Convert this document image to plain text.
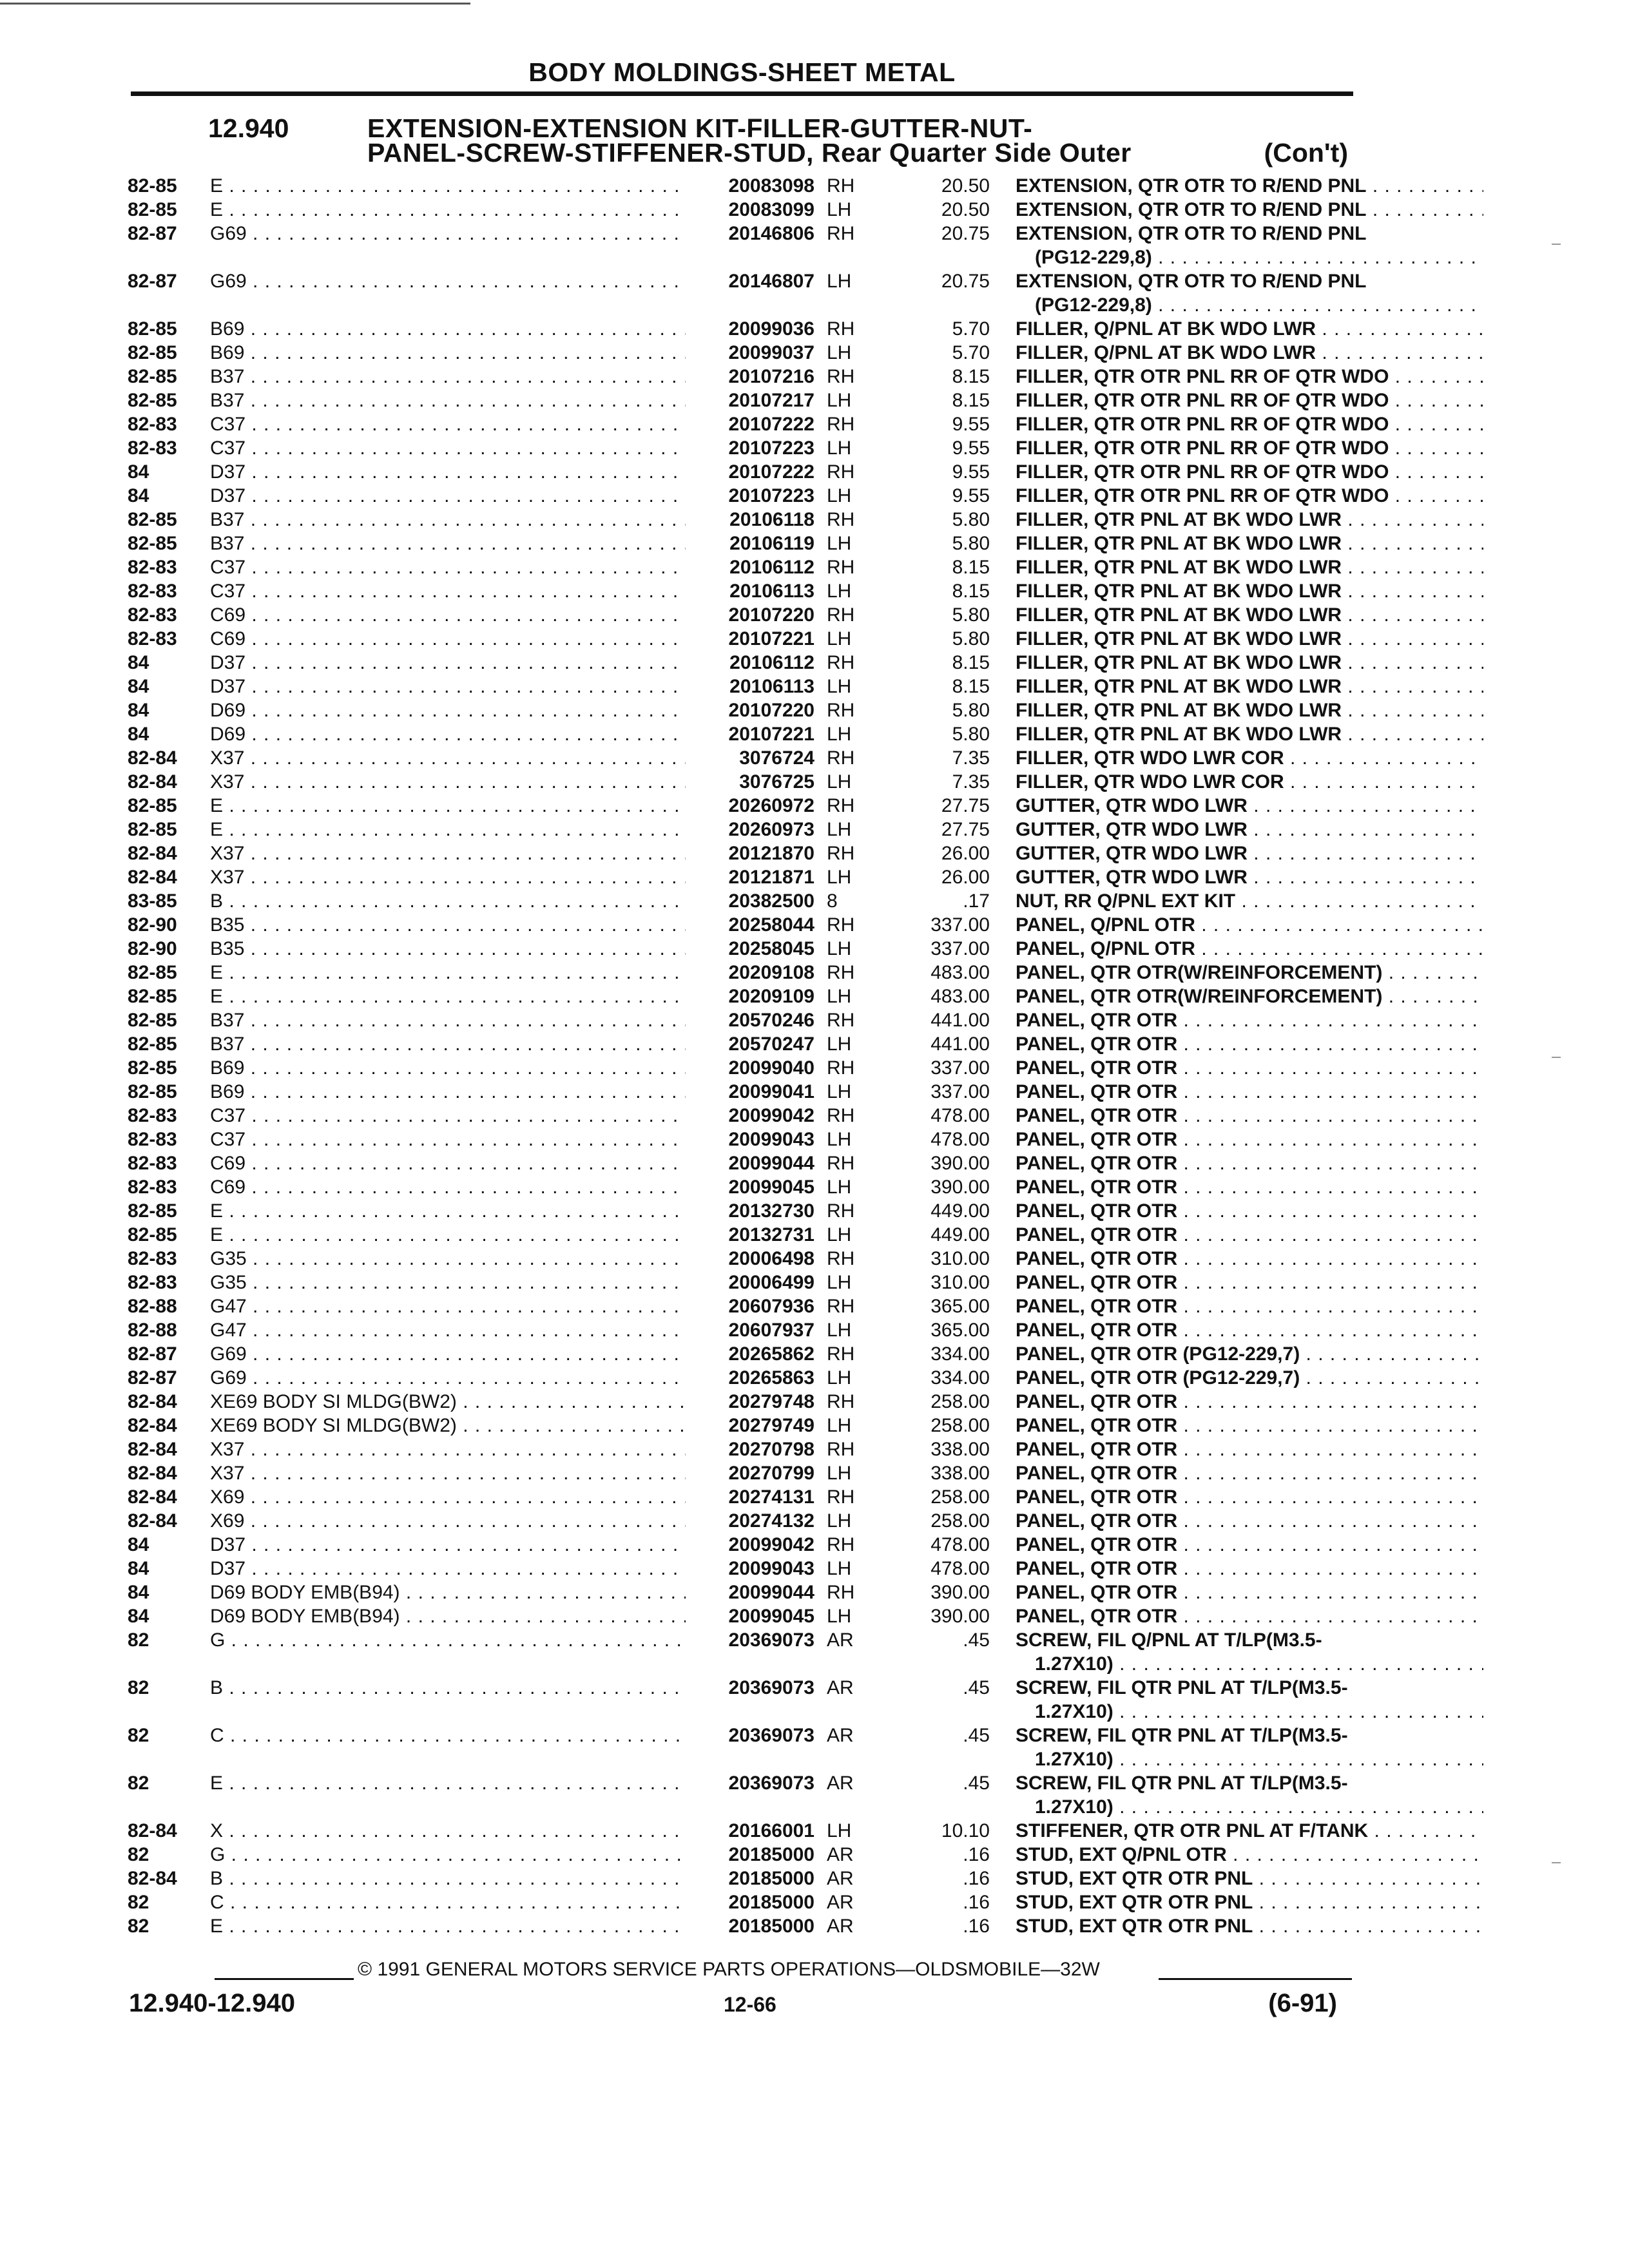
BODY MOLDINGS-SHEET METAL
12.940	EXTENSION-EXTENSION KIT-FILLER-GUTTER-NUT-
PANEL-SCREW-STIFFENER-STUD, Rear Quarter Side Outer	(Con't)
82-85	E . . .	20083098 RH	20.50 EXTENSION, QTR OTR TO R/END PNL . . .
82-85	E . . .	20083099 LH	20.50 EXTENSION, QTR OTR TO R/END PNL . . .
82-87	G69 . . .	20146806 RH	20.75 EXTENSION, QTR OTR TO R/END PNL
(PG12-229,8) . . .
82-87	G69 . . .	20146807 LH	20.75 EXTENSION, QTR OTR TO R/END PNL
(PG12-229,8) . . .
82-85	B69 . . .	20099036 RH	5.70 FILLER, Q/PNL AT BK WDO LWR . . .
82-85	B69 . . .	20099037 LH	5.70 FILLER, Q/PNL AT BK WDO LWR . . .
82-85	B37 . . .	20107216 RH	8.15 FILLER, QTR OTR PNL RR OF QTR WDO . . .
82-85	B37 . . .	20107217 LH	8.15 FILLER, QTR OTR PNL RR OF QTR WDO . . .
82-83	C37 . . .	20107222 RH	9.55 FILLER, QTR OTR PNL RR OF QTR WDO . . .
82-83	C37 . . .	20107223 LH	9.55 FILLER, QTR OTR PNL RR OF QTR WDO . . .
84	D37 . . .	20107222 RH	9.55 FILLER, QTR OTR PNL RR OF QTR WDO . . .
84	D37 . . .	20107223 LH	9.55 FILLER, QTR OTR PNL RR OF QTR WDO . . .
82-85	B37 . . .	20106118 RH	5.80 FILLER, QTR PNL AT BK WDO LWR . . .
82-85	B37 . . .	20106119 LH	5.80 FILLER, QTR PNL AT BK WDO LWR . . .
82-83	C37 . . .	20106112 RH	8.15 FILLER, QTR PNL AT BK WDO LWR . . .
82-83	C37 . . .	20106113 LH	8.15 FILLER, QTR PNL AT BK WDO LWR . . .
82-83	C69 . . .	20107220 RH	5.80 FILLER, QTR PNL AT BK WDO LWR . . .
82-83	C69 . . .	20107221 LH	5.80 FILLER, QTR PNL AT BK WDO LWR . . .
84	D37 . . .	20106112 RH	8.15 FILLER, QTR PNL AT BK WDO LWR . . .
84	D37 . . .	20106113 LH	8.15 FILLER, QTR PNL AT BK WDO LWR . . .
84	D69 . . .	20107220 RH	5.80 FILLER, QTR PNL AT BK WDO LWR . . .
84	D69 . . .	20107221 LH	5.80 FILLER, QTR PNL AT BK WDO LWR . . .
82-84	X37 . . .	3076724 RH	7.35 FILLER, QTR WDO LWR COR . . .
82-84	X37 . . .	3076725 LH	7.35 FILLER, QTR WDO LWR COR . . .
82-85	E . . .	20260972 RH	27.75 GUTTER, QTR WDO LWR . . .
82-85	E . . .	20260973 LH	27.75 GUTTER, QTR WDO LWR . . .
82-84	X37 . . .	20121870 RH	26.00 GUTTER, QTR WDO LWR . . .
82-84	X37 . . .	20121871 LH	26.00 GUTTER, QTR WDO LWR . . .
83-85	B . . .	20382500 8	.17 NUT, RR Q/PNL EXT KIT . . .
82-90	B35 . . .	20258044 RH	337.00 PANEL, Q/PNL OTR . . .
82-90	B35 . . .	20258045 LH	337.00 PANEL, Q/PNL OTR . . .
82-85	E . . .	20209108 RH	483.00 PANEL, QTR OTR(W/REINFORCEMENT) . . .
82-85	E . . .	20209109 LH	483.00 PANEL, QTR OTR(W/REINFORCEMENT) . . .
82-85	B37 . . .	20570246 RH	441.00 PANEL, QTR OTR . . .
82-85	B37 . . .	20570247 LH	441.00 PANEL, QTR OTR . . .
82-85	B69 . . .	20099040 RH	337.00 PANEL, QTR OTR . . .
82-85	B69 . . .	20099041 LH	337.00 PANEL, QTR OTR . . .
82-83	C37 . . .	20099042 RH	478.00 PANEL, QTR OTR . . .
82-83	C37 . . .	20099043 LH	478.00 PANEL, QTR OTR . . .
82-83	C69 . . .	20099044 RH	390.00 PANEL, QTR OTR . . .
82-83	C69 . . .	20099045 LH	390.00 PANEL, QTR OTR . . .
82-85	E . . .	20132730 RH	449.00 PANEL, QTR OTR . . .
82-85	E . . .	20132731 LH	449.00 PANEL, QTR OTR . . .
82-83	G35 . . .	20006498 RH	310.00 PANEL, QTR OTR . . .
82-83	G35 . . .	20006499 LH	310.00 PANEL, QTR OTR . . .
82-88	G47 . . .	20607936 RH	365.00 PANEL, QTR OTR . . .
82-88	G47 . . .	20607937 LH	365.00 PANEL, QTR OTR . . .
82-87	G69 . . .	20265862 RH	334.00 PANEL, QTR OTR (PG12-229,7) . . .
82-87	G69 . . .	20265863 LH	334.00 PANEL, QTR OTR (PG12-229,7) . . .
82-84	XE69 BODY SI MLDG(BW2) . . .	20279748 RH	258.00 PANEL, QTR OTR . . .
82-84	XE69 BODY SI MLDG(BW2) . . .	20279749 LH	258.00 PANEL, QTR OTR . . .
82-84	X37 . . .	20270798 RH	338.00 PANEL, QTR OTR . . .
82-84	X37 . . .	20270799 LH	338.00 PANEL, QTR OTR . . .
82-84	X69 . . .	20274131 RH	258.00 PANEL, QTR OTR . . .
82-84	X69 . . .	20274132 LH	258.00 PANEL, QTR OTR . . .
84	D37 . . .	20099042 RH	478.00 PANEL, QTR OTR . . .
84	D37 . . .	20099043 LH	478.00 PANEL, QTR OTR . . .
84	D69 BODY EMB(B94) . . .	20099044 RH	390.00 PANEL, QTR OTR . . .
84	D69 BODY EMB(B94) . . .	20099045 LH	390.00 PANEL, QTR OTR . . .
82	G . . .	20369073 AR	.45 SCREW, FIL Q/PNL AT T/LP(M3.5-
1.27X10) . . .
82	B . . .	20369073 AR	.45 SCREW, FIL QTR PNL AT T/LP(M3.5-
1.27X10) . . .
82	C . . .	20369073 AR	.45 SCREW, FIL QTR PNL AT T/LP(M3.5-
1.27X10) . . .
82	E . . .	20369073 AR	.45 SCREW, FIL QTR PNL AT T/LP(M3.5-
1.27X10) . . .
82-84	X . . .	20166001 LH	10.10 STIFFENER, QTR OTR PNL AT F/TANK . . .
82	G . . .	20185000 AR	.16 STUD, EXT Q/PNL OTR . . .
82-84	B . . .	20185000 AR	.16 STUD, EXT QTR OTR PNL . . .
82	C . . .	20185000 AR	.16 STUD, EXT QTR OTR PNL . . .
82	E . . .	20185000 AR	.16 STUD, EXT QTR OTR PNL . . .
© 1991 GENERAL MOTORS SERVICE PARTS OPERATIONS—OLDSMOBILE—32W
12.940-12.940	12-66	(6-91)
